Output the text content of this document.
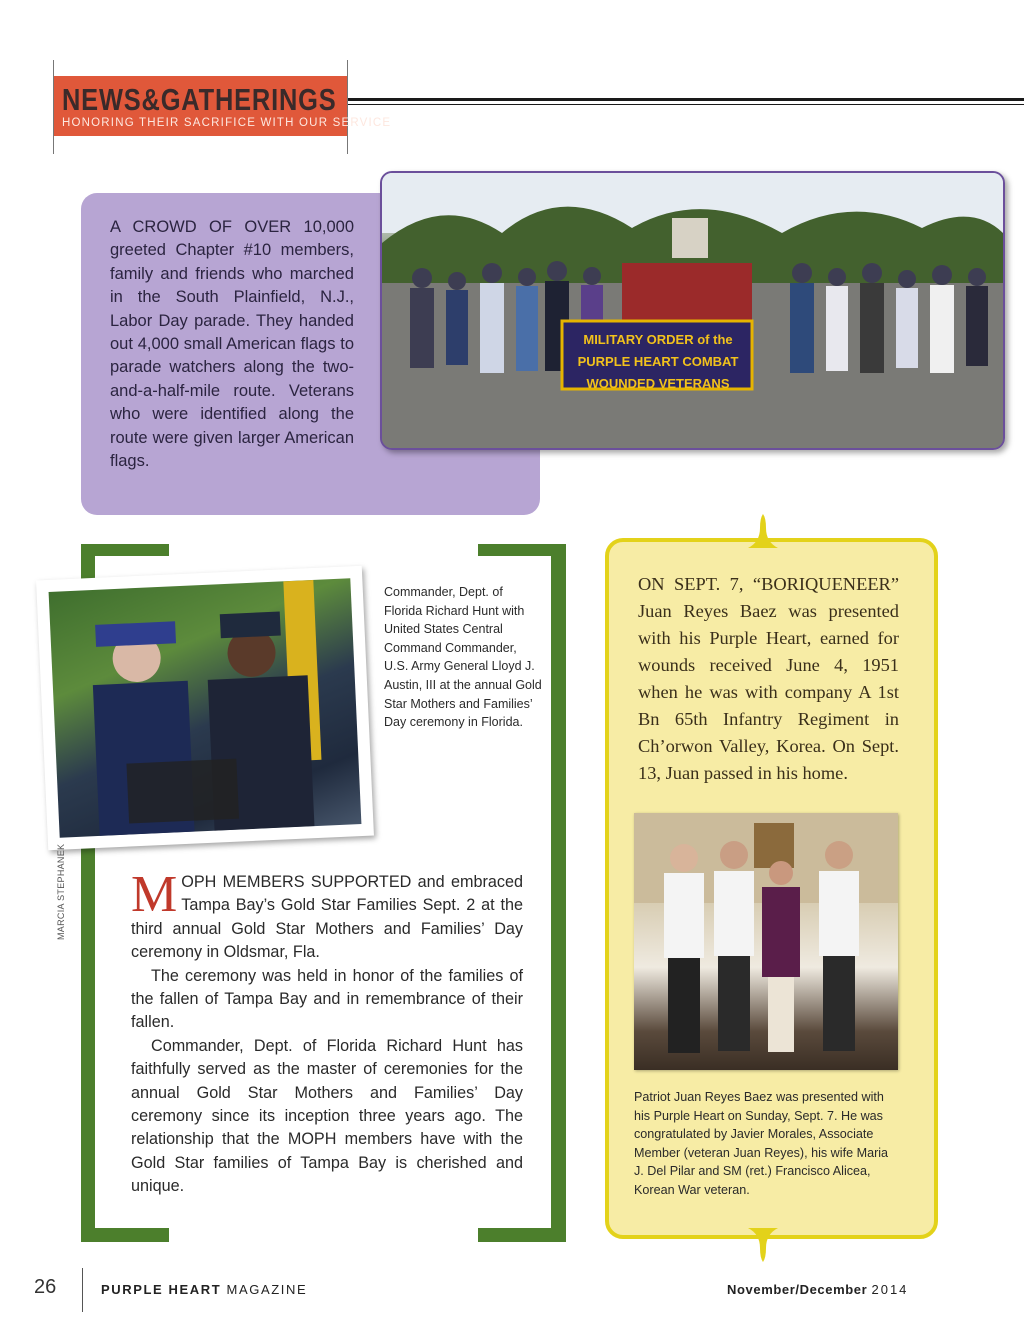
NEWS&GATHERINGS
HONORING THEIR SACRIFICE WITH OUR SERVICE
A CROWD OF OVER 10,000 greeted Chapter #10 members, family and friends who marched in the South Plainfield, N.J., Labor Day parade. They handed out 4,000 small American flags to parade watchers along the two-and-a-half-mile route. Veterans who were identified along the route were given larger American flags.
MILITARY ORDER of the PURPLE HEART COMBAT WOUNDED VETERANS
Commander, Dept. of Florida Richard Hunt with United States Central Command Commander, U.S. Army General Lloyd J. Austin, III at the annual Gold Star Mothers and Families’ Day ceremony in Florida.
MARCIA STEPHANEK MOPH MEMBERS SUPPORTED and embraced Tampa Bay’s Gold Star Families Sept. 2 at the third annual Gold Star Mothers and Families’ Day ceremony in Oldsmar, Fla.

The ceremony was held in honor of the families of the fallen of Tampa Bay and in remembrance of their fallen.

Commander, Dept. of Florida Richard Hunt has faithfully served as the master of ceremonies for the annual Gold Star Mothers and Families’ Day ceremony since its inception three years ago. The relationship that the MOPH members have with the Gold Star families of Tampa Bay is cherished and unique.

ON SEPT. 7, “BORIQUENEER” Juan Reyes Baez was presented with his Purple Heart, earned for wounds received June 4, 1951 when he was with company A 1st Bn 65th Infantry Regiment in Ch’orwon Valley, Korea. On Sept. 13, Juan passed in his home.
Patriot Juan Reyes Baez was presented with his Purple Heart on Sunday, Sept. 7. He was congratulated by Javier Morales, Associate Member (veteran Juan Reyes), his wife Maria J. Del Pilar and SM (ret.) Francisco Alicea, Korean War veteran.
26	PURPLE HEART MAGAZINE	November/December 2014
